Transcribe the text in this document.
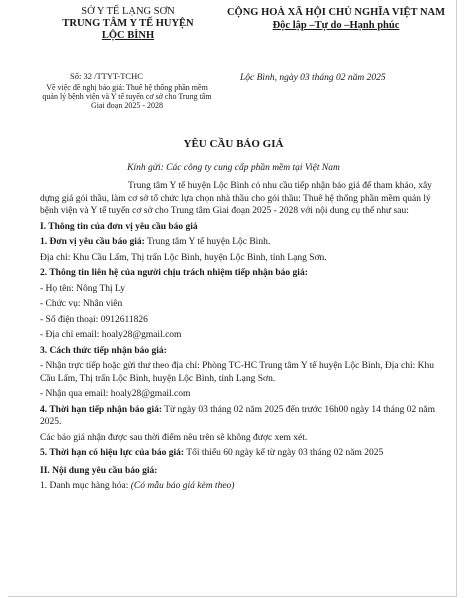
SỞ Y TẾ LẠNG SƠN
TRUNG TÂM Y TẾ HUYỆN
LỘC BÌNH
CỘNG HOÀ XÃ HỘI CHỦ NGHĨA VIỆT NAM
Độc lập –Tự do –Hạnh phúc
Số: 32 /TTYT-TCHC
Về việc đề nghị báo giá: Thuê hệ thống phần mềm quản lý bệnh viện và Y tế tuyến cơ sở cho Trung tâm Giai đoạn 2025 - 2028
Lộc Bình, ngày 03 tháng 02 năm 2025
YÊU CẦU BÁO GIÁ
Kính gửi: Các công ty cung cấp phần mềm tại Việt Nam

Trung tâm Y tế huyện Lộc Bình có nhu cầu tiếp nhận báo giá để tham khảo, xây dựng giá gói thầu, làm cơ sở tổ chức lựa chọn nhà thầu cho gói thầu: Thuê hệ thống phần mềm quản lý bệnh viện và Y tế tuyến cơ sở cho Trung tâm Giai đoạn 2025 - 2028 với nội dung cụ thể như sau:

I. Thông tin của đơn vị yêu cầu báo giá

1. Đơn vị yêu cầu báo giá: Trung tâm Y tế huyện Lộc Bình.

Địa chỉ: Khu Cầu Lấm, Thị trấn Lộc Bình, huyện Lộc Bình, tỉnh Lạng Sơn.

2. Thông tin liên hệ của người chịu trách nhiệm tiếp nhận báo giá:

- Họ tên: Nông Thị Ly

- Chức vụ: Nhân viên

- Số điện thoại: 0912611826

- Địa chỉ email: hoaly28@gmail.com

3. Cách thức tiếp nhận báo giá:

- Nhận trực tiếp hoặc gửi thư theo địa chỉ: Phòng TC-HC Trung tâm Y tế huyện Lộc Bình, Địa chỉ: Khu Cầu Lấm, Thị trấn Lộc Bình, huyện Lộc Bình, tỉnh Lạng Sơn.

- Nhận qua email: hoaly28@gmail.com

4. Thời hạn tiếp nhận báo giá: Từ ngày 03 tháng 02 năm 2025 đến trước 16h00 ngày 14 tháng 02 năm 2025.

Các báo giá nhận được sau thời điểm nêu trên sẽ không được xem xét.

5. Thời hạn có hiệu lực của báo giá: Tối thiểu 60 ngày kể từ ngày 03 tháng 02 năm 2025

II. Nội dung yêu cầu báo giá:

1. Danh mục hàng hóa: (Có mẫu báo giá kèm theo)
